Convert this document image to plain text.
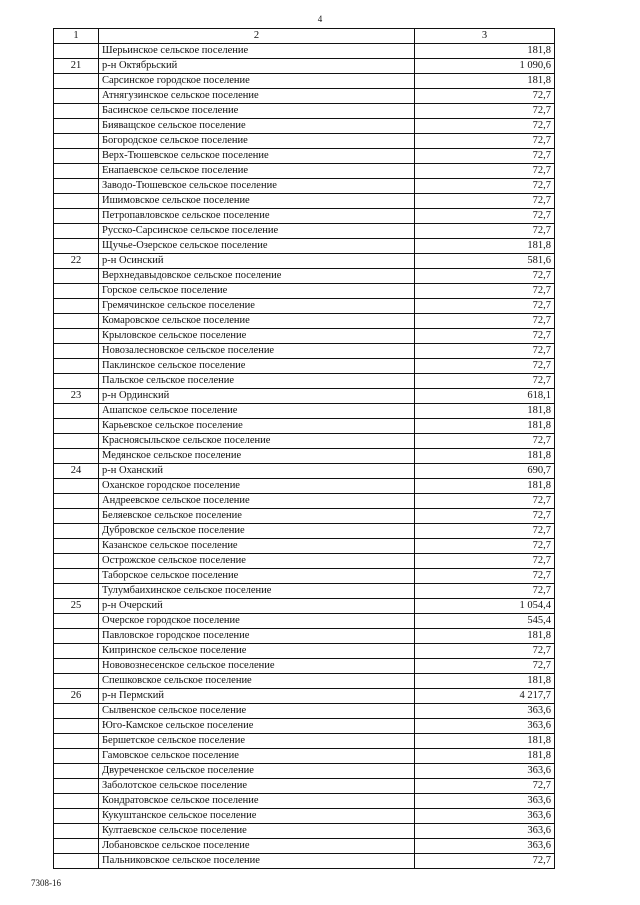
4
1	2	3
	Шерьинское сельское поселение	181,8
21	р-н Октябрьский	1 090,6
	Сарсинское городское поселение	181,8
	Атнягузинское сельское поселение	72,7
	Басинское сельское поселение	72,7
	Бияващское сельское поселение	72,7
	Богородское сельское поселение	72,7
	Верх-Тюшевское сельское поселение	72,7
	Енапаевское сельское поселение	72,7
	Заводо-Тюшевское сельское поселение	72,7
	Ишимовское сельское поселение	72,7
	Петропавловское сельское поселение	72,7
	Русско-Сарсинское сельское поселение	72,7
	Щучье-Озерское сельское поселение	181,8
22	р-н Осинский	581,6
	Верхнедавыдовское сельское поселение	72,7
	Горское сельское поселение	72,7
	Гремячинское сельское поселение	72,7
	Комаровское сельское поселение	72,7
	Крыловское сельское поселение	72,7
	Новозалесновское сельское поселение	72,7
	Паклинское сельское поселение	72,7
	Пальское сельское поселение	72,7
23	р-н Ординский	618,1
	Ашапское сельское поселение	181,8
	Карьевское сельское поселение	181,8
	Красноясыльское сельское поселение	72,7
	Медянское сельское поселение	181,8
24	р-н Оханский	690,7
	Оханское городское поселение	181,8
	Андреевское сельское поселение	72,7
	Беляевское сельское поселение	72,7
	Дубровское сельское поселение	72,7
	Казанское сельское поселение	72,7
	Острожское сельское поселение	72,7
	Таборское сельское поселение	72,7
	Тулумбаихинское сельское поселение	72,7
25	р-н Очерский	1 054,4
	Очерское городское поселение	545,4
	Павловское городское поселение	181,8
	Кипринское сельское поселение	72,7
	Нововознесенское сельское поселение	72,7
	Спешковское сельское поселение	181,8
26	р-н Пермский	4 217,7
	Сылвенское сельское поселение	363,6
	Юго-Камское сельское поселение	363,6
	Бершетское сельское поселение	181,8
	Гамовское сельское поселение	181,8
	Двуреченское сельское поселение	363,6
	Заболотское сельское поселение	72,7
	Кондратовское сельское поселение	363,6
	Кукуштанское сельское поселение	363,6
	Култаевское сельское поселение	363,6
	Лобановское сельское поселение	363,6
	Пальниковское сельское поселение	72,7
7308-16
